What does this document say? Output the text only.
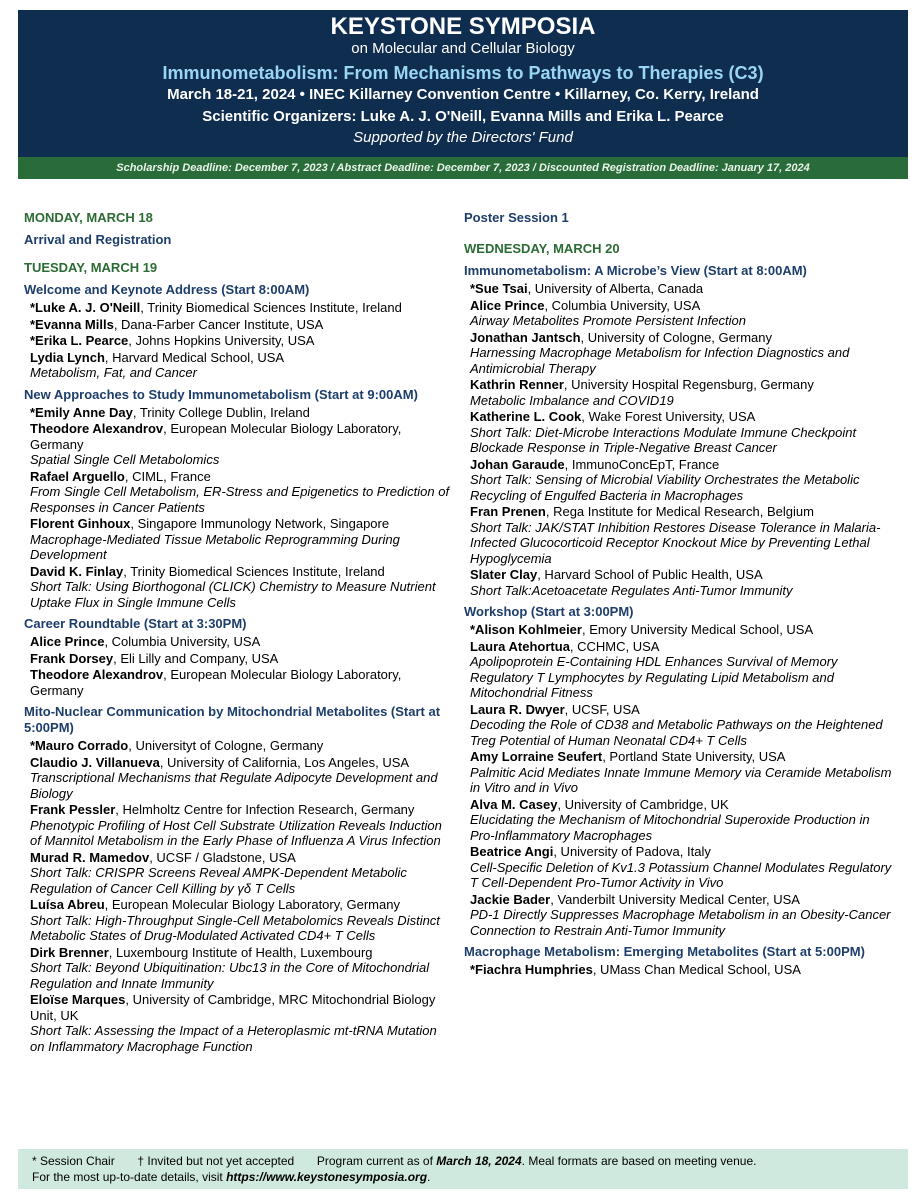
KEYSTONE SYMPOSIA
on Molecular and Cellular Biology
Immunometabolism: From Mechanisms to Pathways to Therapies (C3)
March 18-21, 2024 • INEC Killarney Convention Centre • Killarney, Co. Kerry, Ireland
Scientific Organizers: Luke A. J. O'Neill, Evanna Mills and Erika L. Pearce
Supported by the Directors' Fund
Scholarship Deadline: December 7, 2023 / Abstract Deadline: December 7, 2023 / Discounted Registration Deadline: January 17, 2024
MONDAY, MARCH 18
Arrival and Registration
TUESDAY, MARCH 19
Welcome and Keynote Address (Start 8:00AM)
*Luke A. J. O'Neill, Trinity Biomedical Sciences Institute, Ireland
*Evanna Mills, Dana-Farber Cancer Institute, USA
*Erika L. Pearce, Johns Hopkins University, USA
Lydia Lynch, Harvard Medical School, USA
Metabolism, Fat, and Cancer
New Approaches to Study Immunometabolism (Start at 9:00AM)
*Emily Anne Day, Trinity College Dublin, Ireland
Theodore Alexandrov, European Molecular Biology Laboratory, Germany
Spatial Single Cell Metabolomics
Rafael Arguello, CIML, France
From Single Cell Metabolism, ER-Stress and Epigenetics to Prediction of Responses in Cancer Patients
Florent Ginhoux, Singapore Immunology Network, Singapore
Macrophage-Mediated Tissue Metabolic Reprogramming During Development
David K. Finlay, Trinity Biomedical Sciences Institute, Ireland
Short Talk: Using Biorthogonal (CLICK) Chemistry to Measure Nutrient Uptake Flux in Single Immune Cells
Career Roundtable (Start at 3:30PM)
Alice Prince, Columbia University, USA
Frank Dorsey, Eli Lilly and Company, USA
Theodore Alexandrov, European Molecular Biology Laboratory, Germany
Mito-Nuclear Communication by Mitochondrial Metabolites (Start at 5:00PM)
*Mauro Corrado, Universityt of Cologne, Germany
Claudio J. Villanueva, University of California, Los Angeles, USA
Transcriptional Mechanisms that Regulate Adipocyte Development and Biology
Frank Pessler, Helmholtz Centre for Infection Research, Germany
Phenotypic Profiling of Host Cell Substrate Utilization Reveals Induction of Mannitol Metabolism in the Early Phase of Influenza A Virus Infection
Murad R. Mamedov, UCSF / Gladstone, USA
Short Talk: CRISPR Screens Reveal AMPK-Dependent Metabolic Regulation of Cancer Cell Killing by γδ T Cells
Luísa Abreu, European Molecular Biology Laboratory, Germany
Short Talk: High-Throughput Single-Cell Metabolomics Reveals Distinct Metabolic States of Drug-Modulated Activated CD4+ T Cells
Dirk Brenner, Luxembourg Institute of Health, Luxembourg
Short Talk: Beyond Ubiquitination: Ubc13 in the Core of Mitochondrial Regulation and Innate Immunity
Eloïse Marques, University of Cambridge, MRC Mitochondrial Biology Unit, UK
Short Talk: Assessing the Impact of a Heteroplasmic mt-tRNA Mutation on Inflammatory Macrophage Function
Poster Session 1
WEDNESDAY, MARCH 20
Immunometabolism: A Microbe’s View (Start at 8:00AM)
*Sue Tsai, University of Alberta, Canada
Alice Prince, Columbia University, USA
Airway Metabolites Promote Persistent Infection
Jonathan Jantsch, University of Cologne, Germany
Harnessing Macrophage Metabolism for Infection Diagnostics and Antimicrobial Therapy
Kathrin Renner, University Hospital Regensburg, Germany
Metabolic Imbalance and COVID19
Katherine L. Cook, Wake Forest University, USA
Short Talk: Diet-Microbe Interactions Modulate Immune Checkpoint Blockade Response in Triple-Negative Breast Cancer
Johan Garaude, ImmunoConcEpT, France
Short Talk: Sensing of Microbial Viability Orchestrates the Metabolic Recycling of Engulfed Bacteria in Macrophages
Fran Prenen, Rega Institute for Medical Research, Belgium
Short Talk: JAK/STAT Inhibition Restores Disease Tolerance in Malaria-Infected Glucocorticoid Receptor Knockout Mice by Preventing Lethal Hypoglycemia
Slater Clay, Harvard School of Public Health, USA
Short Talk:Acetoacetate Regulates Anti-Tumor Immunity
Workshop (Start at 3:00PM)
*Alison Kohlmeier, Emory University Medical School, USA
Laura Atehortua, CCHMC, USA
Apolipoprotein E-Containing HDL Enhances Survival of Memory Regulatory T Lymphocytes by Regulating Lipid Metabolism and Mitochondrial Fitness
Laura R. Dwyer, UCSF, USA
Decoding the Role of CD38 and Metabolic Pathways on the Heightened Treg Potential of Human Neonatal CD4+ T Cells
Amy Lorraine Seufert, Portland State University, USA
Palmitic Acid Mediates Innate Immune Memory via Ceramide Metabolism in Vitro and in Vivo
Alva M. Casey, University of Cambridge, UK
Elucidating the Mechanism of Mitochondrial Superoxide Production in Pro-Inflammatory Macrophages
Beatrice Angi, University of Padova, Italy
Cell-Specific Deletion of Kv1.3 Potassium Channel Modulates Regulatory T Cell-Dependent Pro-Tumor Activity in Vivo
Jackie Bader, Vanderbilt University Medical Center, USA
PD-1 Directly Suppresses Macrophage Metabolism in an Obesity-Cancer Connection to Restrain Anti-Tumor Immunity
Macrophage Metabolism: Emerging Metabolites (Start at 5:00PM)
*Fiachra Humphries, UMass Chan Medical School, USA
* Session Chair † Invited but not yet accepted Program current as of March 18, 2024. Meal formats are based on meeting venue.
For the most up-to-date details, visit https://www.keystonesymposia.org.
